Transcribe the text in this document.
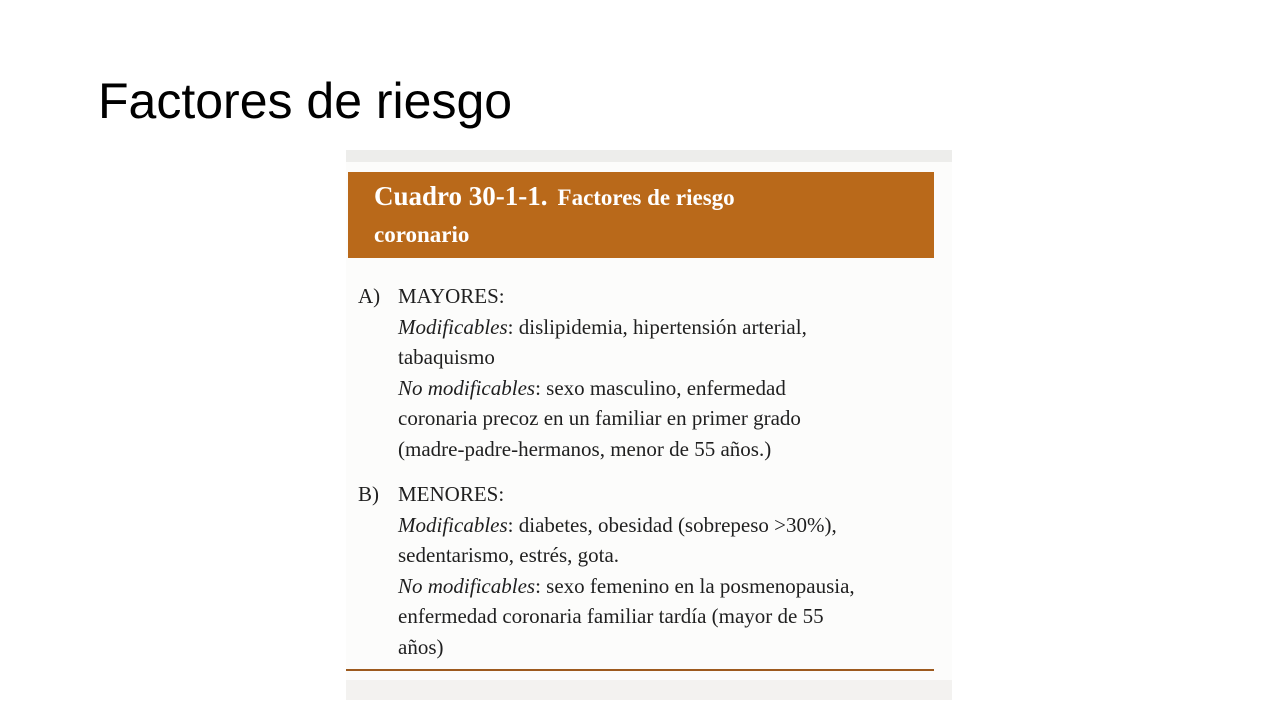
Factores de riesgo
Cuadro 30-1-1. Factores de riesgo
coronario
A) MAYORES:

Modificables: dislipidemia, hipertensión arterial,

tabaquismo

No modificables: sexo masculino, enfermedad

coronaria precoz en un familiar en primer grado

(madre-padre-hermanos, menor de 55 años.)

B) MENORES:

Modificables: diabetes, obesidad (sobrepeso >30%),

sedentarismo, estrés, gota.

No modificables: sexo femenino en la posmenopausia,

enfermedad coronaria familiar tardía (mayor de 55

años)
